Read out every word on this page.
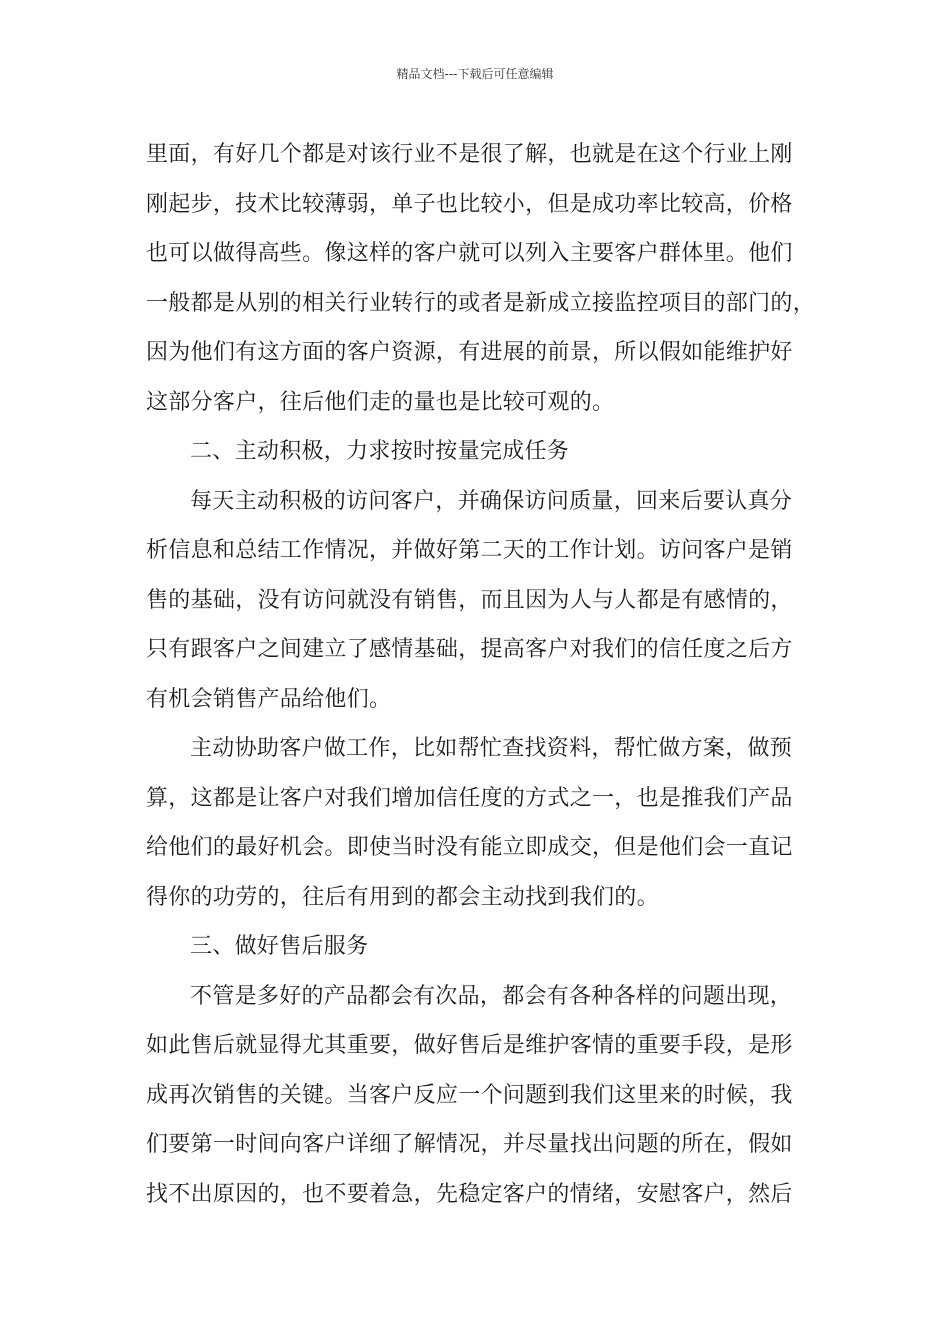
精品文档---下载后可任意编辑
里面，有好几个都是对该行业不是很了解，也就是在这个行业上刚
刚起步，技术比较薄弱，单子也比较小，但是成功率比较高，价格
也可以做得高些。像这样的客户就可以列入主要客户群体里。他们
一般都是从别的相关行业转行的或者是新成立接监控项目的部门的，
因为他们有这方面的客户资源，有进展的前景，所以假如能维护好
这部分客户，往后他们走的量也是比较可观的。
二、主动积极，力求按时按量完成任务
每天主动积极的访问客户，并确保访问质量，回来后要认真分
析信息和总结工作情况，并做好第二天的工作计划。访问客户是销
售的基础，没有访问就没有销售，而且因为人与人都是有感情的，
只有跟客户之间建立了感情基础，提高客户对我们的信任度之后方
有机会销售产品给他们。
主动协助客户做工作，比如帮忙查找资料，帮忙做方案，做预
算，这都是让客户对我们增加信任度的方式之一，也是推我们产品
给他们的最好机会。即使当时没有能立即成交，但是他们会一直记
得你的功劳的，往后有用到的都会主动找到我们的。
三、做好售后服务
不管是多好的产品都会有次品，都会有各种各样的问题出现，
如此售后就显得尤其重要，做好售后是维护客情的重要手段，是形
成再次销售的关键。当客户反应一个问题到我们这里来的时候，我
们要第一时间向客户详细了解情况，并尽量找出问题的所在，假如
找不出原因的，也不要着急，先稳定客户的情绪，安慰客户，然后
